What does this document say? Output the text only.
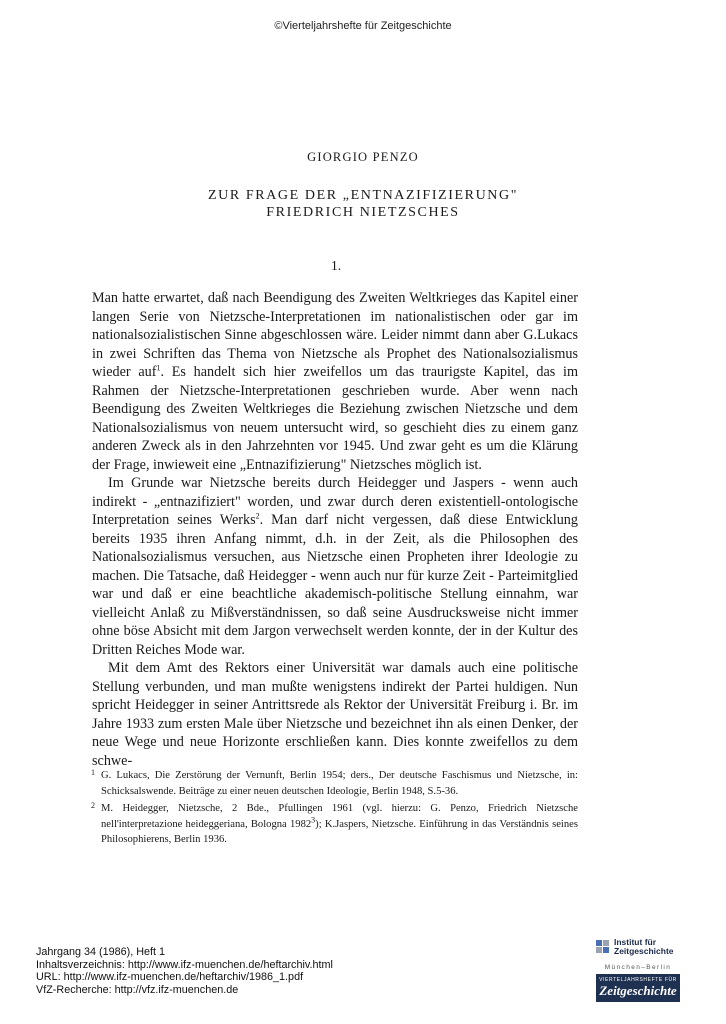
©Vierteljahrshefte für Zeitgeschichte
GIORGIO PENZO
ZUR FRAGE DER „ENTNAZIFIZIERUNG"
FRIEDRICH NIETZSCHES
1.

Man hatte erwartet, daß nach Beendigung des Zweiten Weltkrieges das Kapitel einer langen Serie von Nietzsche-Interpretationen im nationalistischen oder gar im nationalsozialistischen Sinne abgeschlossen wäre. Leider nimmt dann aber G.Lukacs in zwei Schriften das Thema von Nietzsche als Prophet des Nationalsozialismus wieder auf$^1$. Es handelt sich hier zweifellos um das traurigste Kapitel, das im Rahmen der Nietzsche-Interpretationen geschrieben wurde. Aber wenn nach Beendigung des Zweiten Weltkrieges die Beziehung zwischen Nietzsche und dem Nationalsozialismus von neuem untersucht wird, so geschieht dies zu einem ganz anderen Zweck als in den Jahrzehnten vor 1945. Und zwar geht es um die Klärung der Frage, inwieweit eine „Entnazifizierung" Nietzsches möglich ist.

Im Grunde war Nietzsche bereits durch Heidegger und Jaspers - wenn auch indirekt - „entnazifiziert" worden, und zwar durch deren existentiell-ontologische Interpretation seines Werks$^2$. Man darf nicht vergessen, daß diese Entwicklung bereits 1935 ihren Anfang nimmt, d.h. in der Zeit, als die Philosophen des Nationalsozialismus versuchen, aus Nietzsche einen Propheten ihrer Ideologie zu machen. Die Tatsache, daß Heidegger - wenn auch nur für kurze Zeit - Parteimitglied war und daß er eine beachtliche akademisch-politische Stellung einnahm, war vielleicht Anlaß zu Mißverständnissen, so daß seine Ausdrucksweise nicht immer ohne böse Absicht mit dem Jargon verwechselt werden konnte, der in der Kultur des Dritten Reiches Mode war.

Mit dem Amt des Rektors einer Universität war damals auch eine politische Stellung verbunden, und man mußte wenigstens indirekt der Partei huldigen. Nun spricht Heidegger in seiner Antrittsrede als Rektor der Universität Freiburg i. Br. im Jahre 1933 zum ersten Male über Nietzsche und bezeichnet ihn als einen Denker, der neue Wege und neue Horizonte erschließen kann. Dies konnte zweifellos zu dem schwe-

1 G. Lukacs, Die Zerstörung der Vernunft, Berlin 1954; ders., Der deutsche Faschismus und Nietzsche, in: Schicksalswende. Beiträge zu einer neuen deutschen Ideologie, Berlin 1948, S.5-36.
2 M. Heidegger, Nietzsche, 2 Bde., Pfullingen 1961 (vgl. hierzu: G. Penzo, Friedrich Nietzsche nell'interpretazione heideggeriana, Bologna 1982$^3$); K.Jaspers, Nietzsche. Einführung in das Verständnis seines Philosophierens, Berlin 1936.
Jahrgang 34 (1986), Heft 1
Inhaltsverzeichnis: http://www.ifz-muenchen.de/heftarchiv.html
URL: http://www.ifz-muenchen.de/heftarchiv/1986_1.pdf
VfZ-Recherche: http://vfz.ifz-muenchen.de
Institut für
Zeitgeschichte
München–Berlin
VIERTELJAHRSHEFTE FÜR
Zeitgeschichte
